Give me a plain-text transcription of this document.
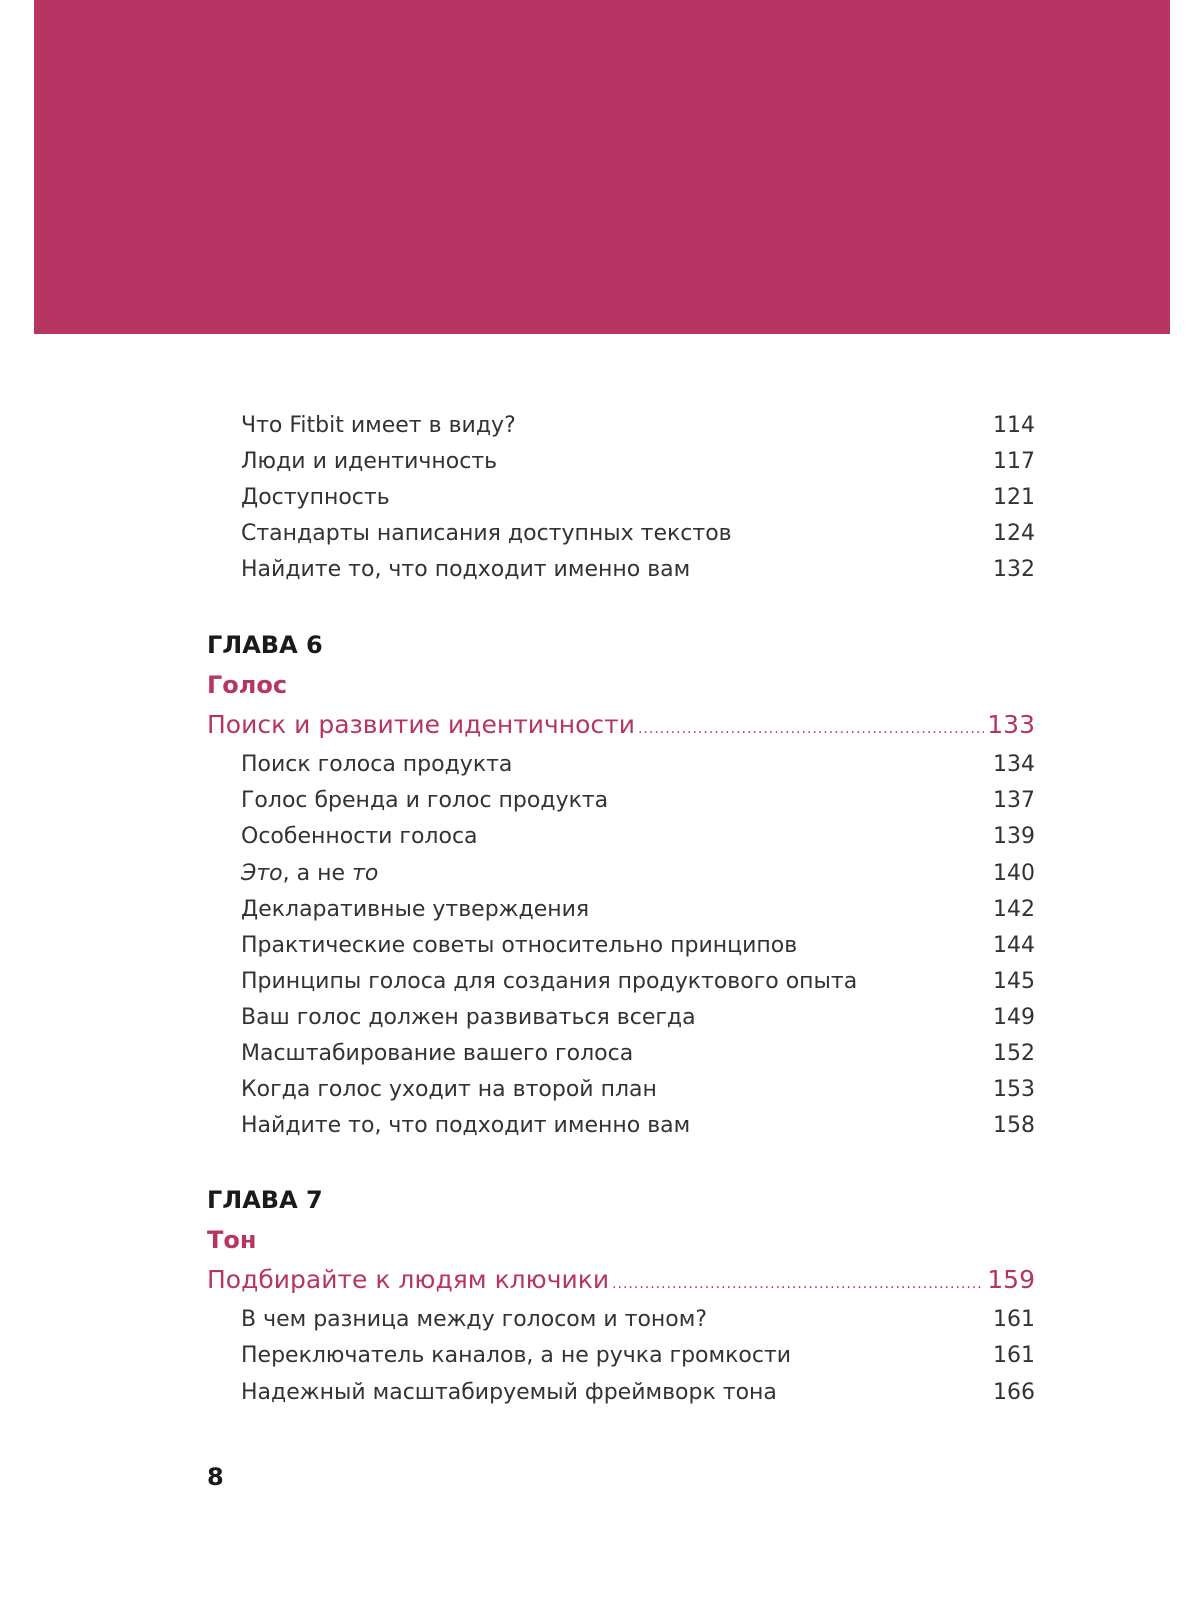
Что Fitbit имеет в виду?	114
Люди и идентичность	117
Доступность	121
Стандарты написания доступных текстов	124
Найдите то, что подходит именно вам	132
ГЛАВА 6
Голос
Поиск и развитие идентичности .....	133
Поиск голоса продукта	134
Голос бренда и голос продукта	137
Особенности голоса	139
Это, а не то	140
Декларативные утверждения	142
Практические советы относительно принципов	144
Принципы голоса для создания продуктового опыта	145
Ваш голос должен развиваться всегда	149
Масштабирование вашего голоса	152
Когда голос уходит на второй план	153
Найдите то, что подходит именно вам	158
ГЛАВА 7
Тон
Подбирайте к людям ключики .....	159
В чем разница между голосом и тоном?	161
Переключатель каналов, а не ручка громкости	161
Надежный масштабируемый фреймворк тона	166
8
